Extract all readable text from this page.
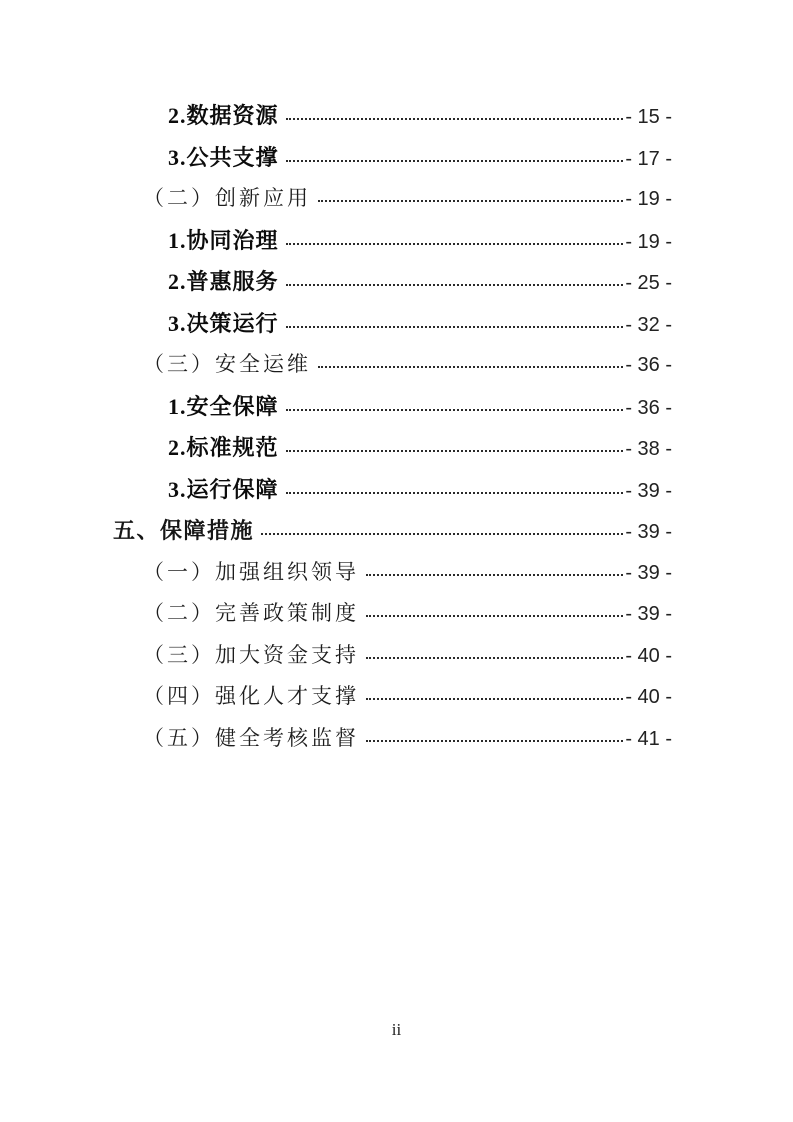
2.数据资源	- 15 -
3.公共支撑	- 17 -
（二）创新应用	- 19 -
1.协同治理	- 19 -
2.普惠服务	- 25 -
3.决策运行	- 32 -
（三）安全运维	- 36 -
1.安全保障	- 36 -
2.标准规范	- 38 -
3.运行保障	- 39 -
五、保障措施	- 39 -
（一）加强组织领导	- 39 -
（二）完善政策制度	- 39 -
（三）加大资金支持	- 40 -
（四）强化人才支撑	- 40 -
（五）健全考核监督	- 41 -
ii
